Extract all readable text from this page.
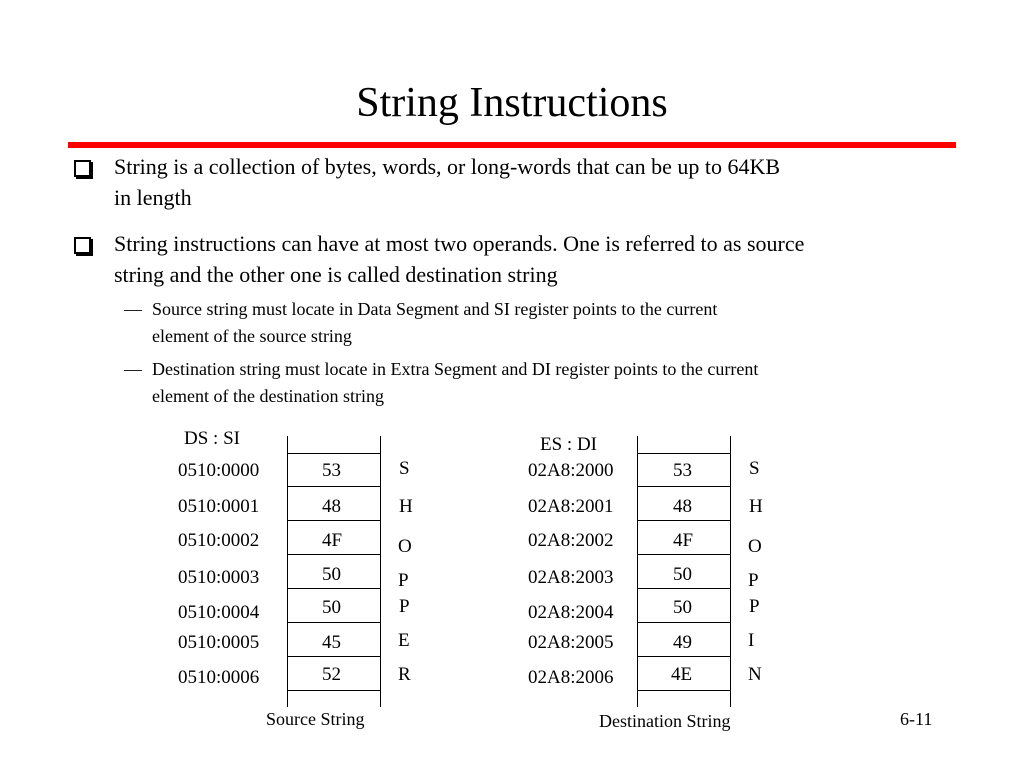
String Instructions
String is a collection of bytes, words, or long-words that can be up to 64KB
in length
String instructions can have at most two operands. One is referred to as source
string and the other one is called destination string
— Source string must locate in Data Segment and SI register points to the current
element of the source string
— Destination string must locate in Extra Segment and DI register points to the current
element of the destination string
DS : SI
0510:0000	53	S
0510:0001	48	H
0510:0002	4F	O
0510:0003	50	P
0510:0004	50	P
0510:0005	45	E
0510:0006	52	R
Source String
ES : DI
02A8:2000	53	S
02A8:2001	48	H
02A8:2002	4F	O
02A8:2003	50	P
02A8:2004	50	P
02A8:2005	49	I
02A8:2006	4E	N
Destination String	6-11
